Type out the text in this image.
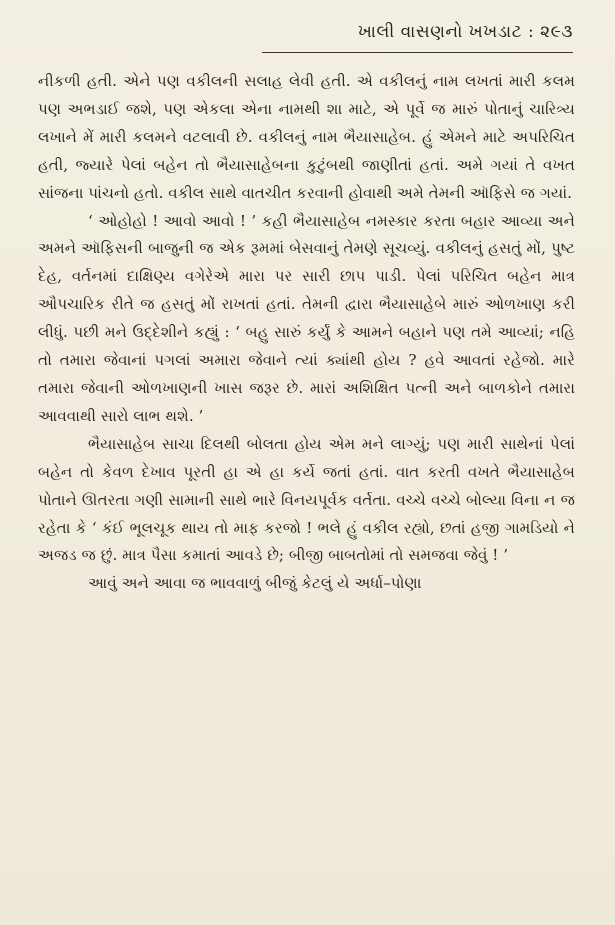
ખાલી વાસણનો ખખડાટ : ૨૯૩

નીકળી હતી. એને પણ વકીલની સલાહ લેવી હતી. એ વકીલનું નામ લખતાં મારી કલમ પણ અભડાઈ જશે, પણ એકલા એના નામથી શા માટે, એ પૂર્વે જ મારું પોતાનું ચારિત્ર્ય લખાને મેં મારી કલમને વટલાવી છે. વકીલનું નામ ભૈયાસાહેબ. હું એમને માટે અપરિચિત હતી, જ્યારે પેલાં બહેન તો ભૈયાસાહેબના કુટુંબથી જાણીતાં હતાં. અમે ગયાં તે વખત સાંજના પાંચનો હતો. વકીલ સાથે વાતચીત કરવાની હોવાથી અમે તેમની ઑફિસે જ ગયાં.

‘ ઓહોહો ! આવો આવો ! ’ કહી ભૈયાસાહેબ નમસ્કાર કરતા બહાર આવ્યા અને અમને ઑફિસની બાજુની જ એક રૂમમાં બેસવાનું તેમણે સૂચવ્યું. વકીલનું હસતું મોં, પુષ્ટ દેહ, વર્તનમાં દાક્ષિણ્ય વગેરેએ મારા પર સારી છાપ પાડી. પેલાં પરિચિત બહેન માત્ર ઔપચારિક રીતે જ હસતું મોં રાખતાં હતાં. તેમની દ્વારા ભૈયાસાહેબે મારું ઓળખાણ કરી લીધું. પછી મને ઉદ્દેશીને કહ્યું : ‘ બહુ સારું કર્યું કે આમને બહાને પણ તમે આવ્યાં; નહિ તો તમારા જેવાનાં પગલાં અમારા જેવાને ત્યાં ક્યાંથી હોય ? હવે આવતાં રહેજો. મારે તમારા જેવાની ઓળખાણની ખાસ જરૂર છે. મારાં અશિક્ષિત પત્ની અને બાળકોને તમારા આવવાથી સારો લાભ થશે. ’

ભૈયાસાહેબ સાચા દિલથી બોલતા હોય એમ મને લાગ્યું; પણ મારી સાથેનાં પેલાં બહેન તો કેવળ દેખાવ પૂરતી હા એ હા કર્યે જતાં હતાં. વાત કરતી વખતે ભૈયાસાહેબ પોતાને ઊતરતા ગણી સામાની સાથે ભારે વિનયપૂર્વક વર્તતા. વચ્ચે વચ્ચે બોલ્યા વિના ન જ રહેતા કે ‘ કંઈ ભૂલચૂક થાય તો માફ કરજો ! ભલે હું વકીલ રહ્યો, છતાં હજી ગામડિયો ને અજડ જ છું. માત્ર પૈસા કમાતાં આવડે છે; બીજી બાબતોમાં તો સમજવા જેવું ! ’

આવું અને આવા જ ભાવવાળું બીજું કેટલું યે અર્ધા–પોણા
